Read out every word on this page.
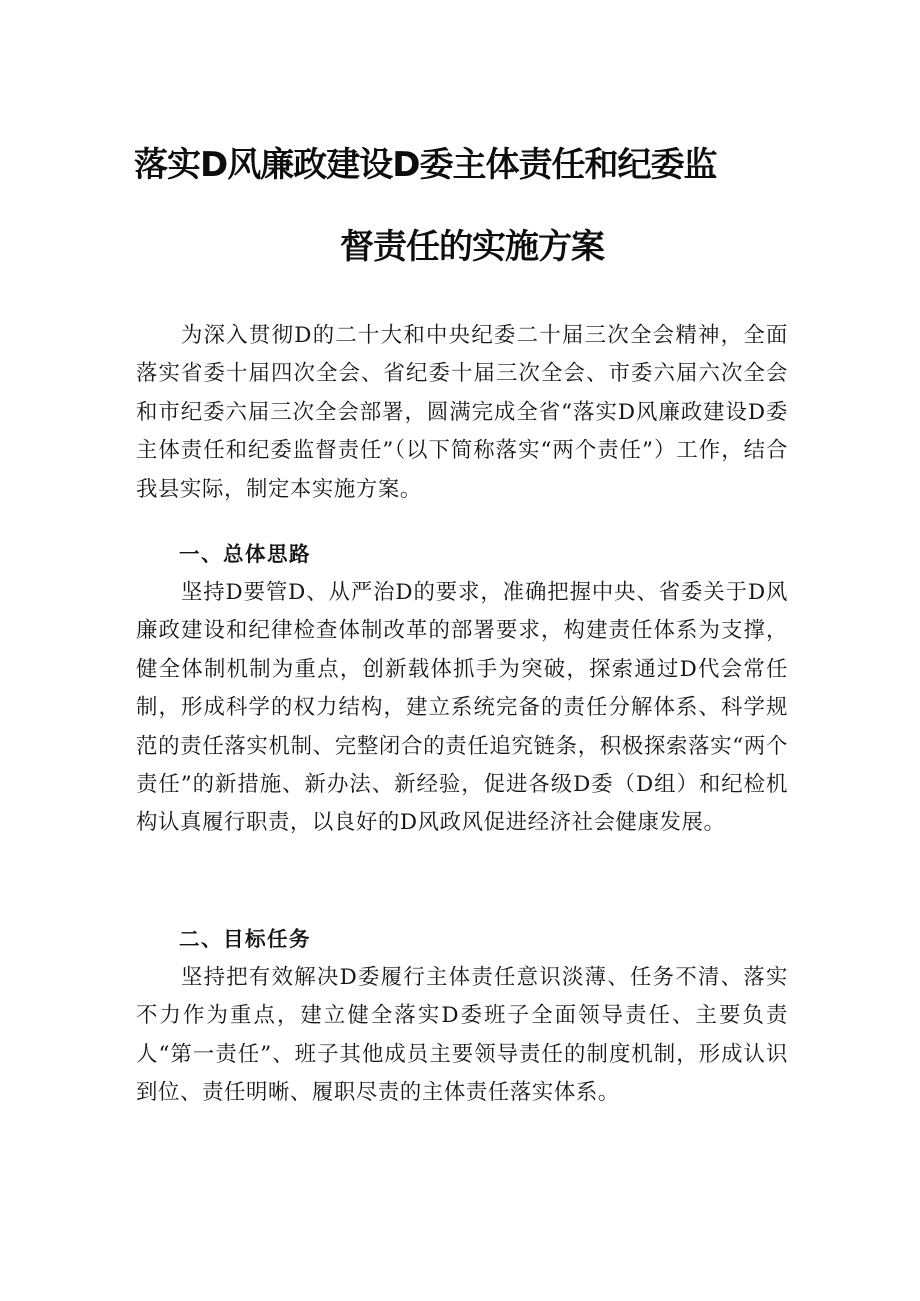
落实D风廉政建设D委主体责任和纪委监
督责任的实施方案

为深入贯彻D的二十大和中央纪委二十届三次全会精神，全面落实省委十届四次全会、省纪委十届三次全会、市委六届六次全会和市纪委六届三次全会部署，圆满完成全省“落实D风廉政建设D委主体责任和纪委监督责任”（以下简称落实“两个责任”）工作，结合我县实际，制定本实施方案。

一、总体思路

坚持D要管D、从严治D的要求，准确把握中央、省委关于D风廉政建设和纪律检查体制改革的部署要求，构建责任体系为支撑，健全体制机制为重点，创新载体抓手为突破，探索通过D代会常任制，形成科学的权力结构，建立系统完备的责任分解体系、科学规范的责任落实机制、完整闭合的责任追究链条，积极探索落实“两个责任”的新措施、新办法、新经验，促进各级D委（D组）和纪检机构认真履行职责，以良好的D风政风促进经济社会健康发展。

二、目标任务

坚持把有效解决D委履行主体责任意识淡薄、任务不清、落实不力作为重点，建立健全落实D委班子全面领导责任、主要负责人“第一责任”、班子其他成员主要领导责任的制度机制，形成认识到位、责任明晰、履职尽责的主体责任落实体系。
